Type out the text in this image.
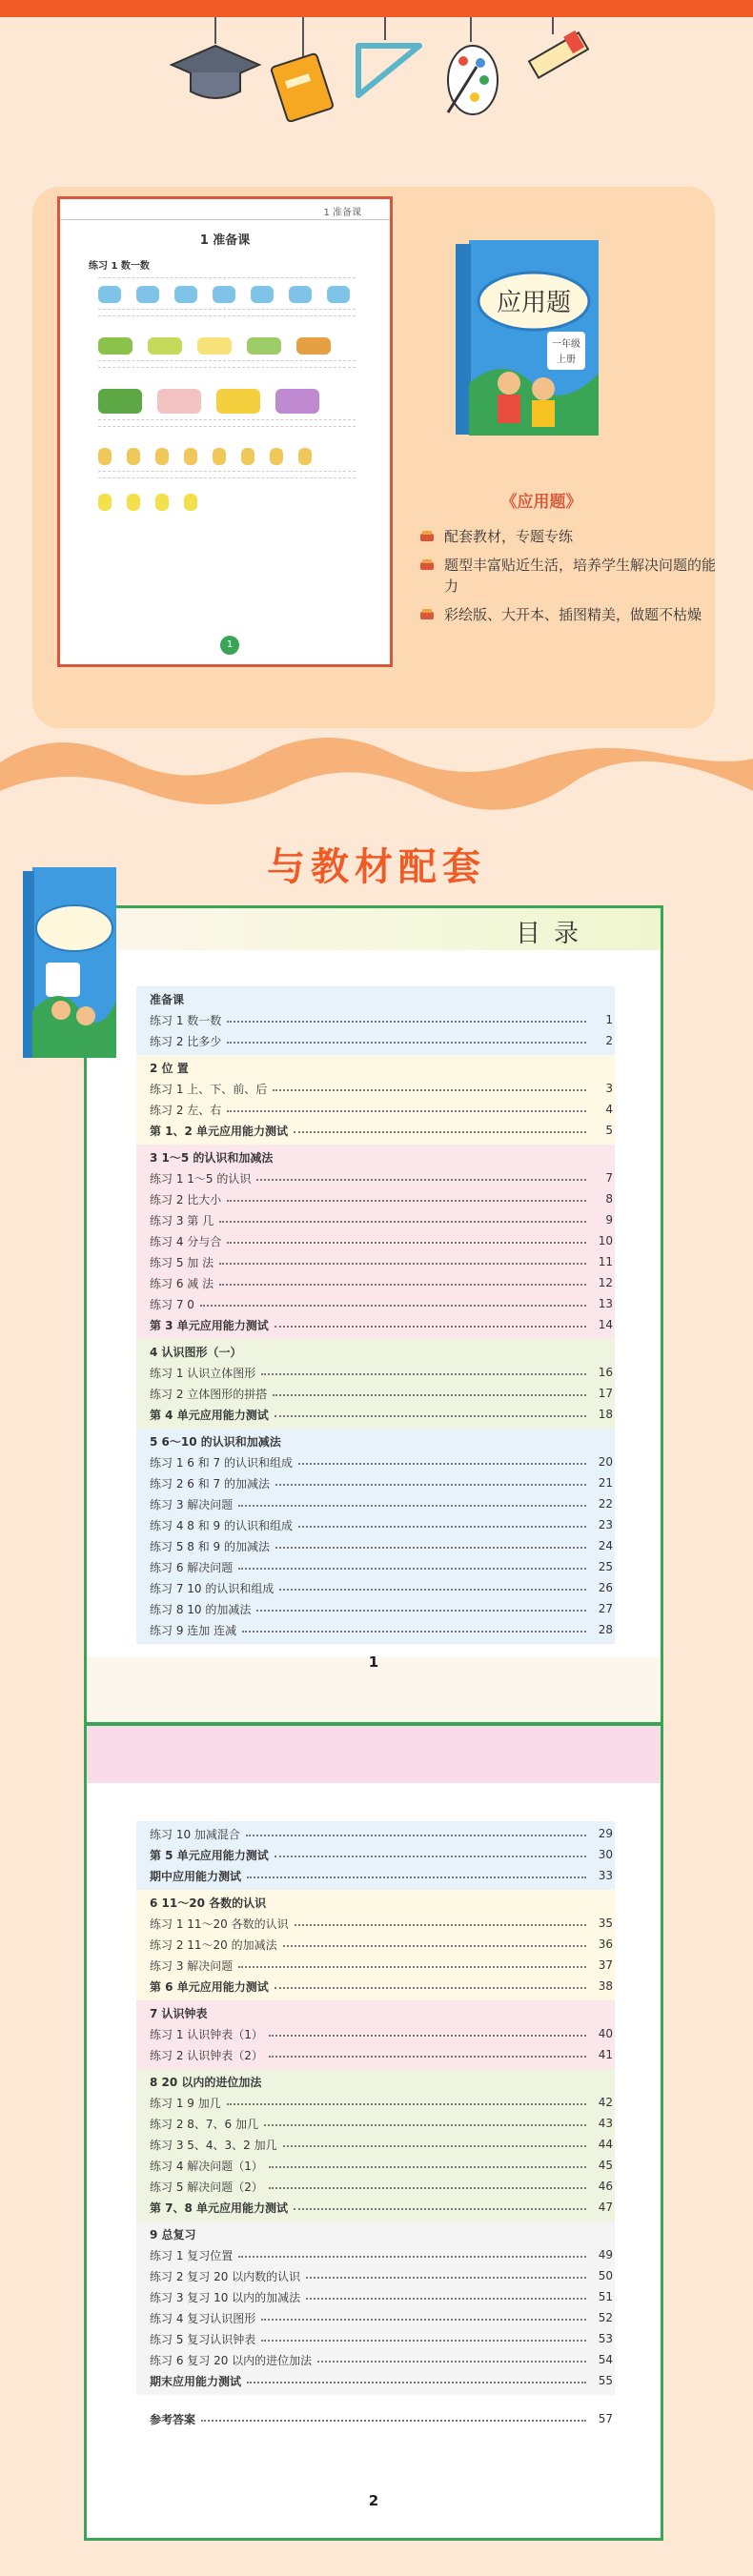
1 准备课
1 准备课
练习 1 数一数
1
应用题
一年级
上册
《应用题》
配套教材，专题专练
题型丰富贴近生活，培养学生解决问题的能力
彩绘版、大开本、插图精美，做题不枯燥
与教材配套
目录
准备课
练习 1 数一数	1
练习 2 比多少	2
2 位 置
练习 1 上、下、前、后	3
练习 2 左、右	4
第 1、2 单元应用能力测试	5
3 1～5 的认识和加减法
练习 1 1～5 的认识	7
练习 2 比大小	8
练习 3 第 几	9
练习 4 分与合	10
练习 5 加 法	11
练习 6 减 法	12
练习 7 0	13
第 3 单元应用能力测试	14
4 认识图形（一）
练习 1 认识立体图形	16
练习 2 立体图形的拼搭	17
第 4 单元应用能力测试	18
5 6～10 的认识和加减法
练习 1 6 和 7 的认识和组成	20
练习 2 6 和 7 的加减法	21
练习 3 解决问题	22
练习 4 8 和 9 的认识和组成	23
练习 5 8 和 9 的加减法	24
练习 6 解决问题	25
练习 7 10 的认识和组成	26
练习 8 10 的加减法	27
练习 9 连加 连减	28
1
练习 10 加减混合	29
第 5 单元应用能力测试	30
期中应用能力测试	33
6 11～20 各数的认识
练习 1 11～20 各数的认识	35
练习 2 11～20 的加减法	36
练习 3 解决问题	37
第 6 单元应用能力测试	38
7 认识钟表
练习 1 认识钟表（1）	40
练习 2 认识钟表（2）	41
8 20 以内的进位加法
练习 1 9 加几	42
练习 2 8、7、6 加几	43
练习 3 5、4、3、2 加几	44
练习 4 解决问题（1）	45
练习 5 解决问题（2）	46
第 7、8 单元应用能力测试	47
9 总复习
练习 1 复习位置	49
练习 2 复习 20 以内数的认识	50
练习 3 复习 10 以内的加减法	51
练习 4 复习认识图形	52
练习 5 复习认识钟表	53
练习 6 复习 20 以内的进位加法	54
期末应用能力测试	55
参考答案	57
2
